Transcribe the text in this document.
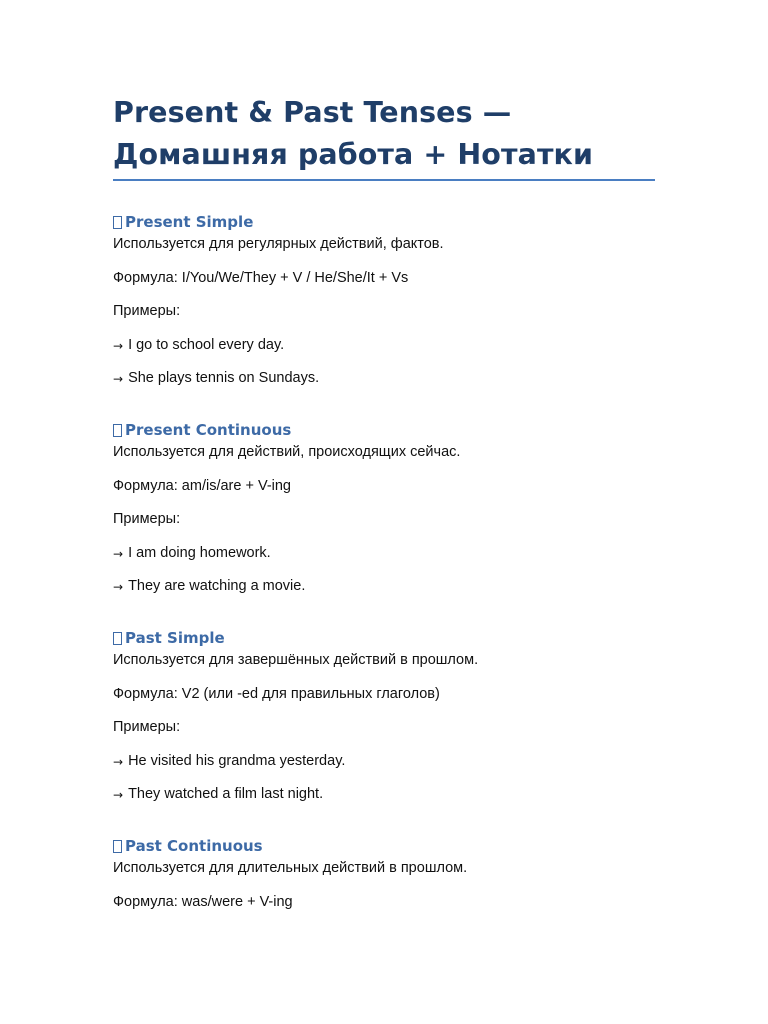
Present & Past Tenses — Домашняя работа + Нотатки
Present Simple

Используется для регулярных действий, фактов.

Формула: I/You/We/They + V / He/She/It + Vs

Примеры:

→ I go to school every day.

→ She plays tennis on Sundays.

Present Continuous

Используется для действий, происходящих сейчас.

Формула: am/is/are + V-ing

Примеры:

→ I am doing homework.

→ They are watching a movie.

Past Simple

Используется для завершённых действий в прошлом.

Формула: V2 (или -ed для правильных глаголов)

Примеры:

→ He visited his grandma yesterday.

→ They watched a film last night.

Past Continuous

Используется для длительных действий в прошлом.

Формула: was/were + V-ing
